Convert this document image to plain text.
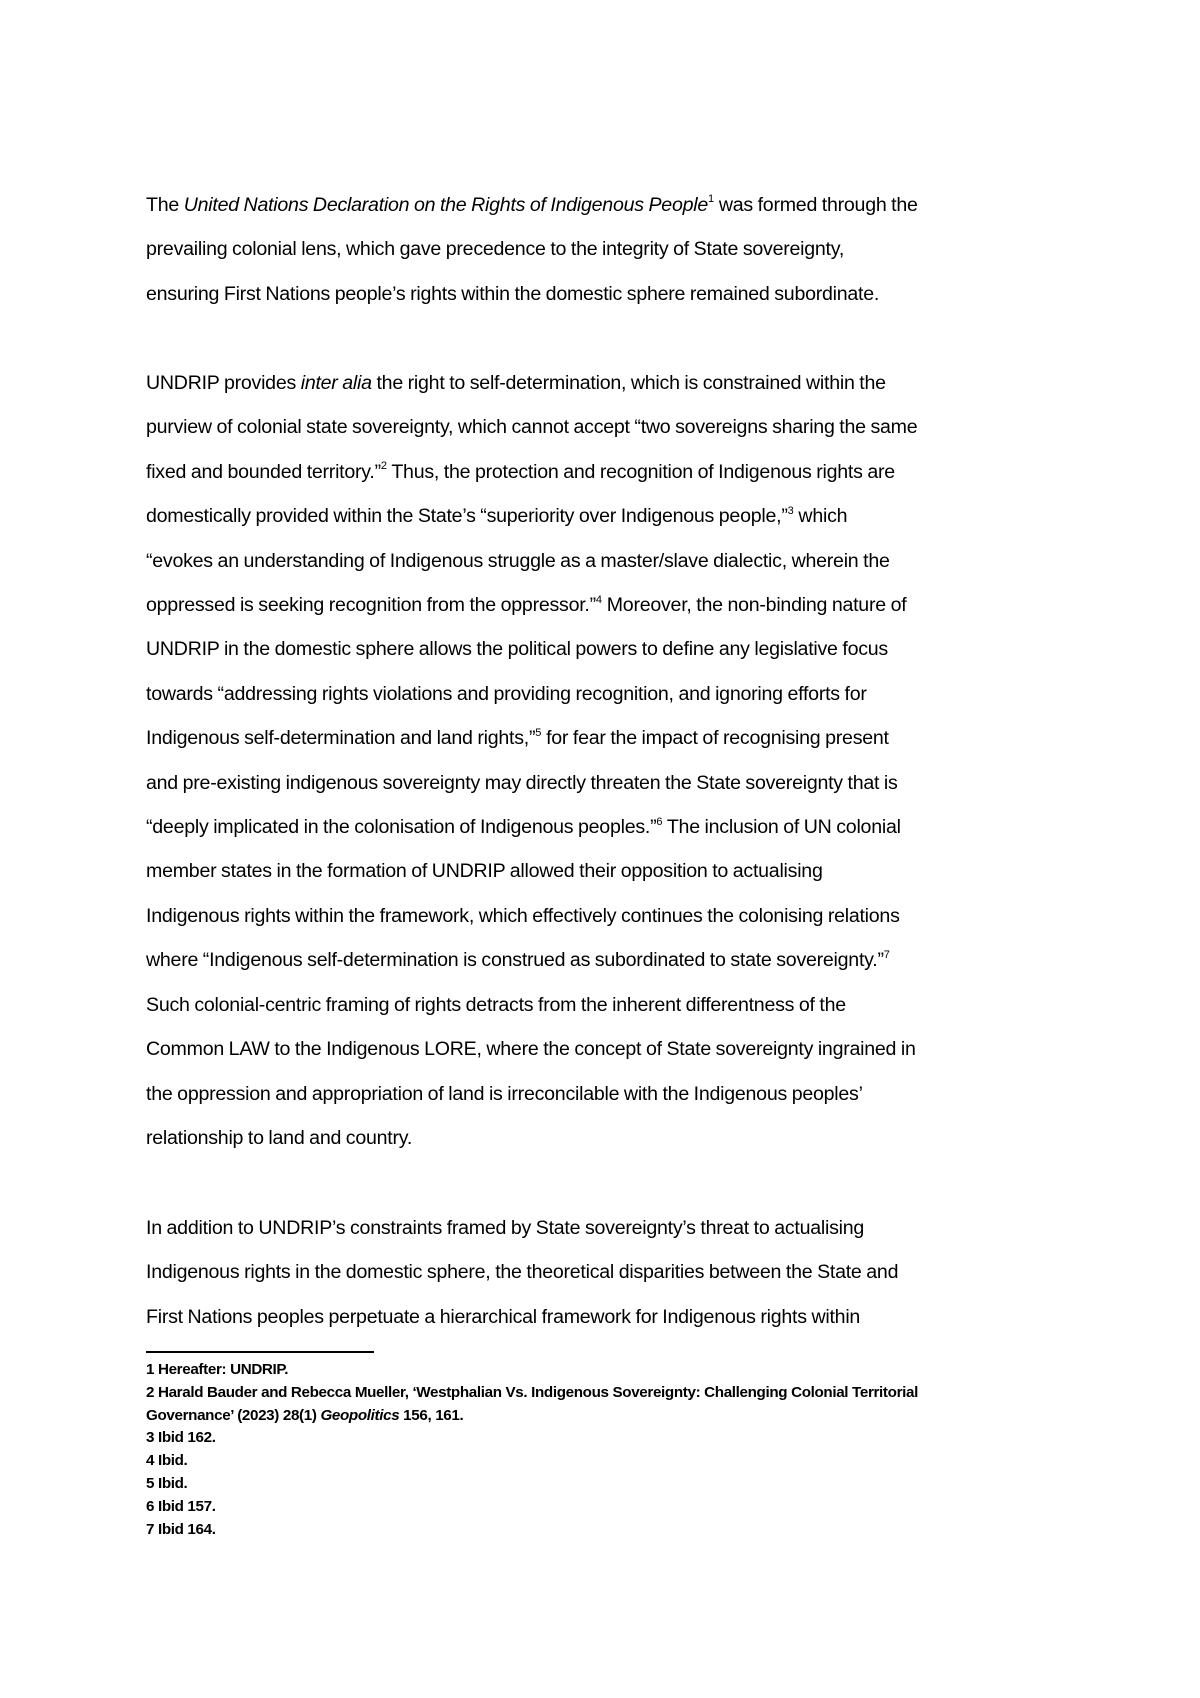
The United Nations Declaration on the Rights of Indigenous People$^1$ was formed through the
prevailing colonial lens, which gave precedence to the integrity of State sovereignty,
ensuring First Nations people’s rights within the domestic sphere remained subordinate.
UNDRIP provides inter alia the right to self-determination, which is constrained within the
purview of colonial state sovereignty, which cannot accept “two sovereigns sharing the same
fixed and bounded territory.”$^2$ Thus, the protection and recognition of Indigenous rights are
domestically provided within the State’s “superiority over Indigenous people,”$^3$ which
“evokes an understanding of Indigenous struggle as a master/slave dialectic, wherein the
oppressed is seeking recognition from the oppressor.”$^4$ Moreover, the non-binding nature of
UNDRIP in the domestic sphere allows the political powers to define any legislative focus
towards “addressing rights violations and providing recognition, and ignoring efforts for
Indigenous self-determination and land rights,”$^5$ for fear the impact of recognising present
and pre-existing indigenous sovereignty may directly threaten the State sovereignty that is
“deeply implicated in the colonisation of Indigenous peoples.”$^6$ The inclusion of UN colonial
member states in the formation of UNDRIP allowed their opposition to actualising
Indigenous rights within the framework, which effectively continues the colonising relations
where “Indigenous self-determination is construed as subordinated to state sovereignty.”$^7$
Such colonial-centric framing of rights detracts from the inherent differentness of the
Common LAW to the Indigenous LORE, where the concept of State sovereignty ingrained in
the oppression and appropriation of land is irreconcilable with the Indigenous peoples’
relationship to land and country.
In addition to UNDRIP’s constraints framed by State sovereignty’s threat to actualising
Indigenous rights in the domestic sphere, the theoretical disparities between the State and
First Nations peoples perpetuate a hierarchical framework for Indigenous rights within
1 Hereafter: UNDRIP.
2 Harald Bauder and Rebecca Mueller, ‘Westphalian Vs. Indigenous Sovereignty: Challenging Colonial Territorial
Governance’ (2023) 28(1) Geopolitics 156, 161.
3 Ibid 162.
4 Ibid.
5 Ibid.
6 Ibid 157.
7 Ibid 164.
